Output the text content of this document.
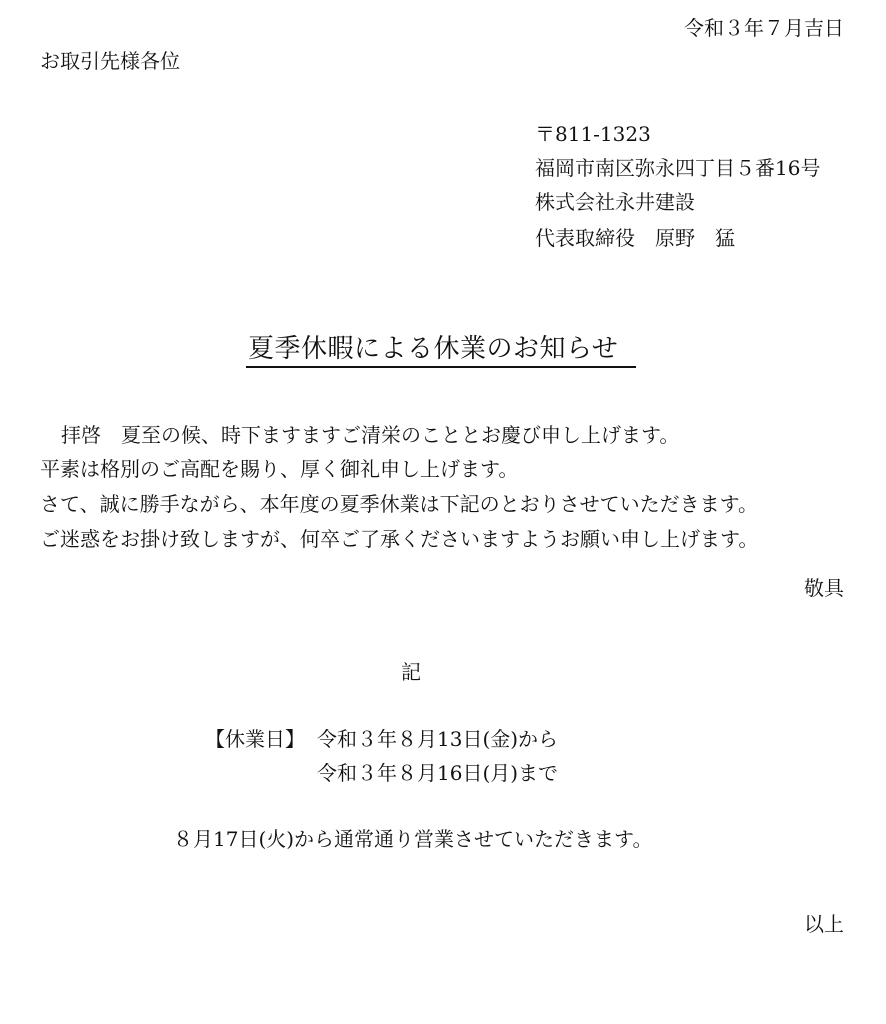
令和３年７月吉日
お取引先様各位
〒811-1323
福岡市南区弥永四丁目５番16号
株式会社永井建設
代表取締役　原野　猛
夏季休暇による休業のお知らせ
拝啓　夏至の候、時下ますますご清栄のこととお慶び申し上げます。
平素は格別のご高配を賜り、厚く御礼申し上げます。
さて、誠に勝手ながら、本年度の夏季休業は下記のとおりさせていただきます。
ご迷惑をお掛け致しますが、何卒ご了承くださいますようお願い申し上げます。
敬具
記
【休業日】 令和３年８月13日(金)から
令和３年８月16日(月)まで
８月17日(火)から通常通り営業させていただきます。
以上
